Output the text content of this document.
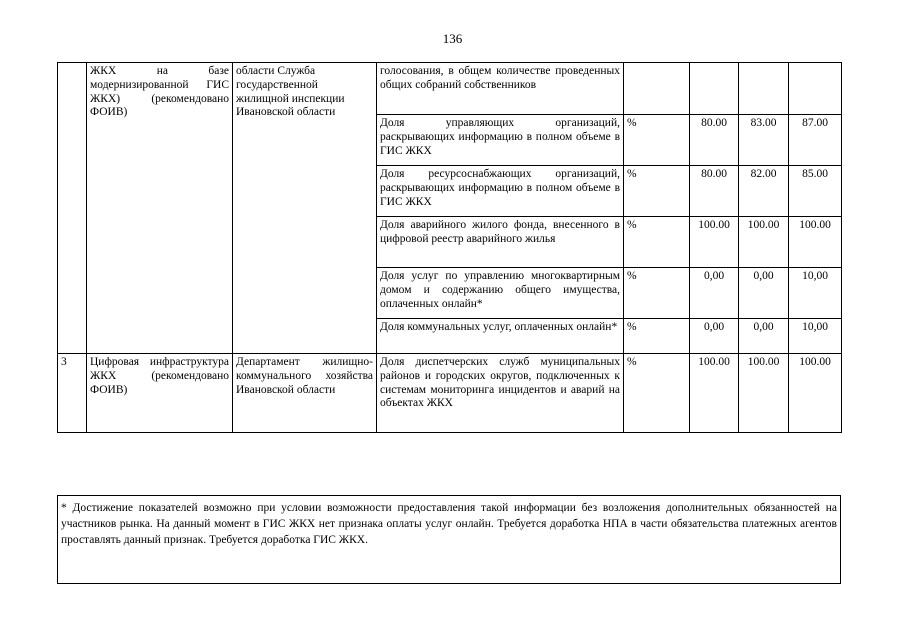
136
	ЖКХ на базе модернизированной ГИС ЖКХ) (рекомендовано ФОИВ)	области Служба государственной жилищной инспекции Ивановской области	голосования, в общем количестве проведенных общих собраний собственников				
			Доля управляющих организаций, раскрывающих информацию в полном объеме в ГИС ЖКХ	%	80.00	83.00	87.00
			Доля ресурсоснабжающих организаций, раскрывающих информацию в полном объеме в ГИС ЖКХ	%	80.00	82.00	85.00
			Доля аварийного жилого фонда, внесенного в цифровой реестр аварийного жилья	%	100.00	100.00	100.00
			Доля услуг по управлению многоквартирным домом и содержанию общего имущества, оплаченных онлайн*	%	0,00	0,00	10,00
			Доля коммунальных услуг, оплаченных онлайн*	%	0,00	0,00	10,00
3	Цифровая инфраструктура ЖКХ (рекомендовано ФОИВ)	Департамент жилищно-коммунального хозяйства Ивановской области	Доля диспетчерских служб муниципальных районов и городских округов, подключенных к системам мониторинга инцидентов и аварий на объектах ЖКХ	%	100.00	100.00	100.00
* Достижение показателей возможно при условии возможности предоставления такой информации без возложения дополнительных обязанностей на участников рынка. На данный момент в ГИС ЖКХ нет признака оплаты услуг онлайн. Требуется доработка НПА в части обязательства платежных агентов проставлять данный признак. Требуется доработка ГИС ЖКХ.
